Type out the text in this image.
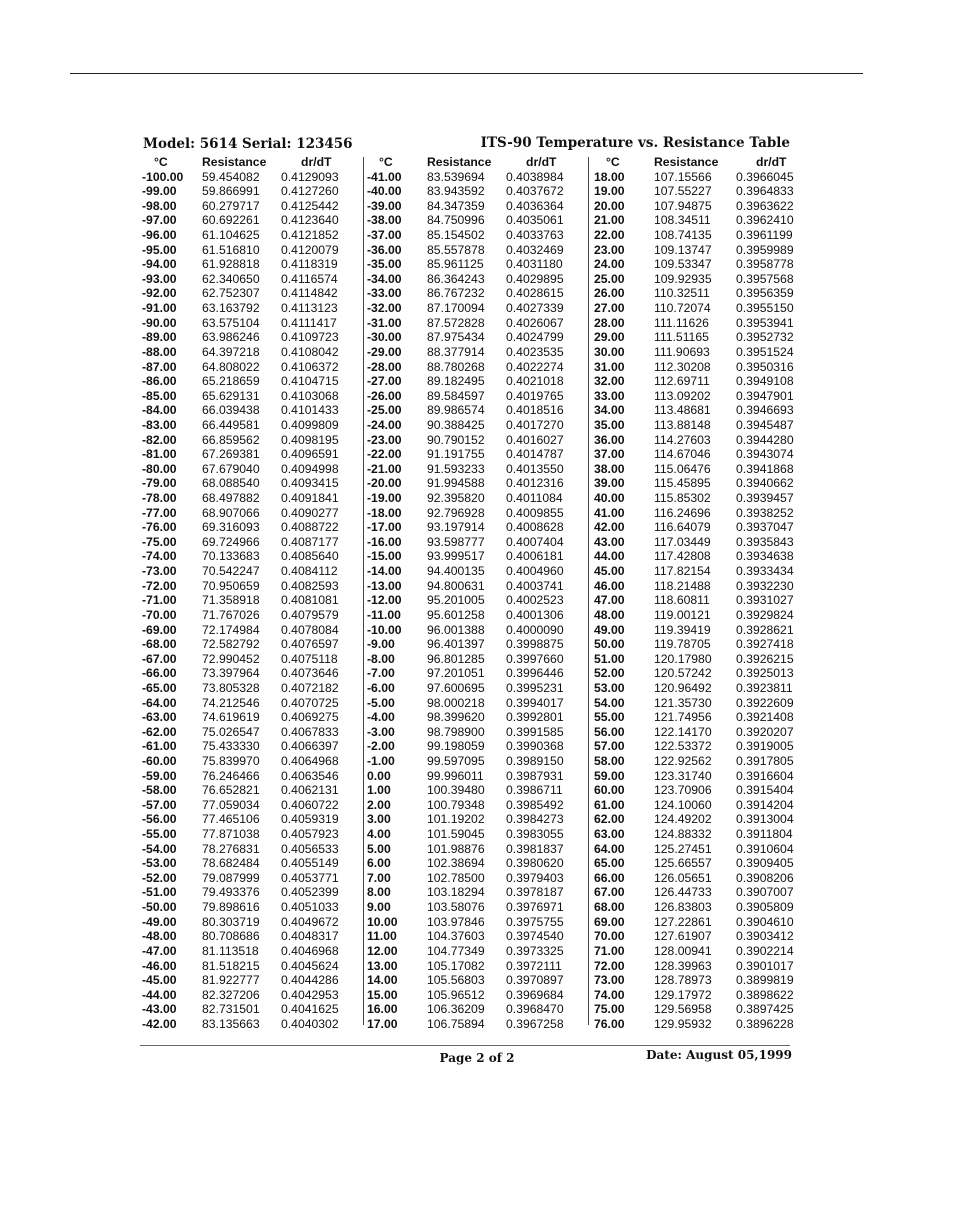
Model: 5614 Serial: 123456	ITS-90 Temperature vs. Resistance Table
°C
-100.00
-99.00
-98.00
-97.00
-96.00
-95.00
-94.00
-93.00
-92.00
-91.00
-90.00
-89.00
-88.00
-87.00
-86.00
-85.00
-84.00
-83.00
-82.00
-81.00
-80.00
-79.00
-78.00
-77.00
-76.00
-75.00
-74.00
-73.00
-72.00
-71.00
-70.00
-69.00
-68.00
-67.00
-66.00
-65.00
-64.00
-63.00
-62.00
-61.00
-60.00
-59.00
-58.00
-57.00
-56.00
-55.00
-54.00
-53.00
-52.00
-51.00
-50.00
-49.00
-48.00
-47.00
-46.00
-45.00
-44.00
-43.00
-42.00
Resistance
59.454082
59.866991
60.279717
60.692261
61.104625
61.516810
61.928818
62.340650
62.752307
63.163792
63.575104
63.986246
64.397218
64.808022
65.218659
65.629131
66.039438
66.449581
66.859562
67.269381
67.679040
68.088540
68.497882
68.907066
69.316093
69.724966
70.133683
70.542247
70.950659
71.358918
71.767026
72.174984
72.582792
72.990452
73.397964
73.805328
74.212546
74.619619
75.026547
75.433330
75.839970
76.246466
76.652821
77.059034
77.465106
77.871038
78.276831
78.682484
79.087999
79.493376
79.898616
80.303719
80.708686
81.113518
81.518215
81.922777
82.327206
82.731501
83.135663
dr/dT
0.4129093
0.4127260
0.4125442
0.4123640
0.4121852
0.4120079
0.4118319
0.4116574
0.4114842
0.4113123
0.4111417
0.4109723
0.4108042
0.4106372
0.4104715
0.4103068
0.4101433
0.4099809
0.4098195
0.4096591
0.4094998
0.4093415
0.4091841
0.4090277
0.4088722
0.4087177
0.4085640
0.4084112
0.4082593
0.4081081
0.4079579
0.4078084
0.4076597
0.4075118
0.4073646
0.4072182
0.4070725
0.4069275
0.4067833
0.4066397
0.4064968
0.4063546
0.4062131
0.4060722
0.4059319
0.4057923
0.4056533
0.4055149
0.4053771
0.4052399
0.4051033
0.4049672
0.4048317
0.4046968
0.4045624
0.4044286
0.4042953
0.4041625
0.4040302
°C
-41.00
-40.00
-39.00
-38.00
-37.00
-36.00
-35.00
-34.00
-33.00
-32.00
-31.00
-30.00
-29.00
-28.00
-27.00
-26.00
-25.00
-24.00
-23.00
-22.00
-21.00
-20.00
-19.00
-18.00
-17.00
-16.00
-15.00
-14.00
-13.00
-12.00
-11.00
-10.00
-9.00
-8.00
-7.00
-6.00
-5.00
-4.00
-3.00
-2.00
-1.00
0.00
1.00
2.00
3.00
4.00
5.00
6.00
7.00
8.00
9.00
10.00
11.00
12.00
13.00
14.00
15.00
16.00
17.00
Resistance
83.539694
83.943592
84.347359
84.750996
85.154502
85.557878
85.961125
86.364243
86.767232
87.170094
87.572828
87.975434
88.377914
88.780268
89.182495
89.584597
89.986574
90.388425
90.790152
91.191755
91.593233
91.994588
92.395820
92.796928
93.197914
93.598777
93.999517
94.400135
94.800631
95.201005
95.601258
96.001388
96.401397
96.801285
97.201051
97.600695
98.000218
98.399620
98.798900
99.198059
99.597095
99.996011
100.39480
100.79348
101.19202
101.59045
101.98876
102.38694
102.78500
103.18294
103.58076
103.97846
104.37603
104.77349
105.17082
105.56803
105.96512
106.36209
106.75894
dr/dT
0.4038984
0.4037672
0.4036364
0.4035061
0.4033763
0.4032469
0.4031180
0.4029895
0.4028615
0.4027339
0.4026067
0.4024799
0.4023535
0.4022274
0.4021018
0.4019765
0.4018516
0.4017270
0.4016027
0.4014787
0.4013550
0.4012316
0.4011084
0.4009855
0.4008628
0.4007404
0.4006181
0.4004960
0.4003741
0.4002523
0.4001306
0.4000090
0.3998875
0.3997660
0.3996446
0.3995231
0.3994017
0.3992801
0.3991585
0.3990368
0.3989150
0.3987931
0.3986711
0.3985492
0.3984273
0.3983055
0.3981837
0.3980620
0.3979403
0.3978187
0.3976971
0.3975755
0.3974540
0.3973325
0.3972111
0.3970897
0.3969684
0.3968470
0.3967258
°C
18.00
19.00
20.00
21.00
22.00
23.00
24.00
25.00
26.00
27.00
28.00
29.00
30.00
31.00
32.00
33.00
34.00
35.00
36.00
37.00
38.00
39.00
40.00
41.00
42.00
43.00
44.00
45.00
46.00
47.00
48.00
49.00
50.00
51.00
52.00
53.00
54.00
55.00
56.00
57.00
58.00
59.00
60.00
61.00
62.00
63.00
64.00
65.00
66.00
67.00
68.00
69.00
70.00
71.00
72.00
73.00
74.00
75.00
76.00
Resistance
107.15566
107.55227
107.94875
108.34511
108.74135
109.13747
109.53347
109.92935
110.32511
110.72074
111.11626
111.51165
111.90693
112.30208
112.69711
113.09202
113.48681
113.88148
114.27603
114.67046
115.06476
115.45895
115.85302
116.24696
116.64079
117.03449
117.42808
117.82154
118.21488
118.60811
119.00121
119.39419
119.78705
120.17980
120.57242
120.96492
121.35730
121.74956
122.14170
122.53372
122.92562
123.31740
123.70906
124.10060
124.49202
124.88332
125.27451
125.66557
126.05651
126.44733
126.83803
127.22861
127.61907
128.00941
128.39963
128.78973
129.17972
129.56958
129.95932
dr/dT
0.3966045
0.3964833
0.3963622
0.3962410
0.3961199
0.3959989
0.3958778
0.3957568
0.3956359
0.3955150
0.3953941
0.3952732
0.3951524
0.3950316
0.3949108
0.3947901
0.3946693
0.3945487
0.3944280
0.3943074
0.3941868
0.3940662
0.3939457
0.3938252
0.3937047
0.3935843
0.3934638
0.3933434
0.3932230
0.3931027
0.3929824
0.3928621
0.3927418
0.3926215
0.3925013
0.3923811
0.3922609
0.3921408
0.3920207
0.3919005
0.3917805
0.3916604
0.3915404
0.3914204
0.3913004
0.3911804
0.3910604
0.3909405
0.3908206
0.3907007
0.3905809
0.3904610
0.3903412
0.3902214
0.3901017
0.3899819
0.3898622
0.3897425
0.3896228
Page 2 of 2	Date: August 05,1999
